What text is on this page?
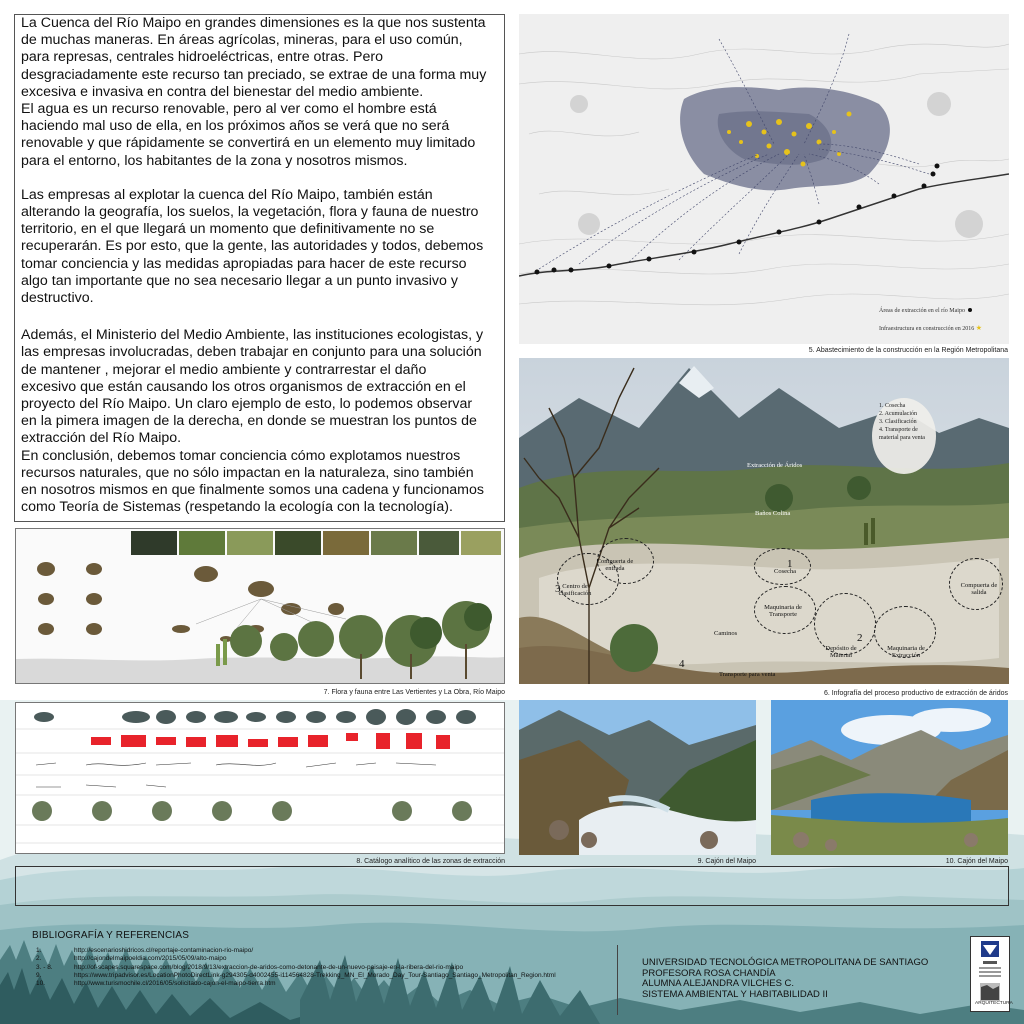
La Cuenca del Río Maipo en grandes dimensiones es la que nos sustenta
de muchas maneras. En áreas agrícolas, mineras, para el uso común,
para represas, centrales hidroeléctricas, entre otras. Pero
desgraciadamente este recurso tan preciado, se extrae de una forma muy
excesiva e invasiva en contra del bienestar del medio ambiente.
El agua es un recurso renovable, pero al ver como el hombre está
haciendo mal uso de ella, en los próximos años se verá que no será
renovable y que rápidamente se convertirá en un elemento muy limitado
para el entorno, los habitantes de la zona y nosotros mismos.

Las empresas al explotar la cuenca del Río Maipo, también están
alterando la geografía, los suelos, la vegetación, flora y fauna de nuestro
territorio, en el que llegará un momento que definitivamente no se
recuperarán. Es por esto, que la gente, las autoridades y todos, debemos
tomar conciencia y las medidas apropiadas para hacer de este recurso
algo tan importante que no sea necesario llegar a un punto invasivo y
destructivo.

Además, el Ministerio del Medio Ambiente, las instituciones ecologistas, y
las empresas involucradas, deben trabajar en conjunto para una solución
de mantener , mejorar el medio ambiente y contrarrestar el daño
excesivo que están causando los otros organismos de extracción en el
proyecto del Río Maipo. Un claro ejemplo de esto, lo podemos observar
en la pimera imagen de la derecha, en donde se muestran los puntos de
extracción del Río Maipo.
En conclusión, debemos tomar conciencia cómo explotamos nuestros
recursos naturales, que no sólo impactan en la naturaleza, sino también
en nosotros mismos en que finalmente somos una cadena y funcionamos
como Teoría de Sistemas (respetando la ecología con la tecnología).

Áreas de extracción en el río Maipo
Infraestructura en construcción en 2016 ★
5. Abastecimiento de la construcción en la Región Metropolitana
1. Cosecha
2. Acumulación
3. Clasificación
4. Transporte de material para venta
Extracción de Áridos
Baños Colina
Compuerta de entrada	Cosecha
Centro de clasificación
Maquinaria de Transporte
Caminos
Depósito de Material
Maquinaria de Extracción
Compuerta de salida
Transporte para venta
1
2
3
4
6. Infografía del proceso productivo de extracción de áridos
7. Flora y fauna entre Las Vertientes y La Obra, Río Maipo
8. Catálogo analítico de las zonas de extracción	9. Cajón del Maipo	10. Cajón del Maipo
BIBLIOGRAFÍA Y REFERENCIAS
1.	http://escenarioshidricos.cl/reportaje-contaminacion-rio-maipo/
2.	http://cajondelmaipoeldia.com/2015/05/09/alto-maipo
3. - 8.	http://of-scapes.squarespace.com/blog/2018/9/13/extraccion-de-aridos-como-detonante-de-un-nuevo-paisaje-en-la-ribera-del-rio-maipo
9.	https://www.tripadvisor.es/LocationPhotoDirectLink-g294305-d4002455-i114564828-Trekking_MN_El_Morado_Day_Tour-Santiago_Santiago_Metropolitan_Region.html
10.	http://www.turismochile.cl/2016/05/solicitado-cajon-el-maipo-tierra.htm
UNIVERSIDAD TECNOLÓGICA METROPOLITANA DE SANTIAGO
PROFESORA ROSA CHANDÍA
ALUMNA ALEJANDRA VILCHES C.
SISTEMA AMBIENTAL Y HABITABILIDAD II
ARQUITECTURA
